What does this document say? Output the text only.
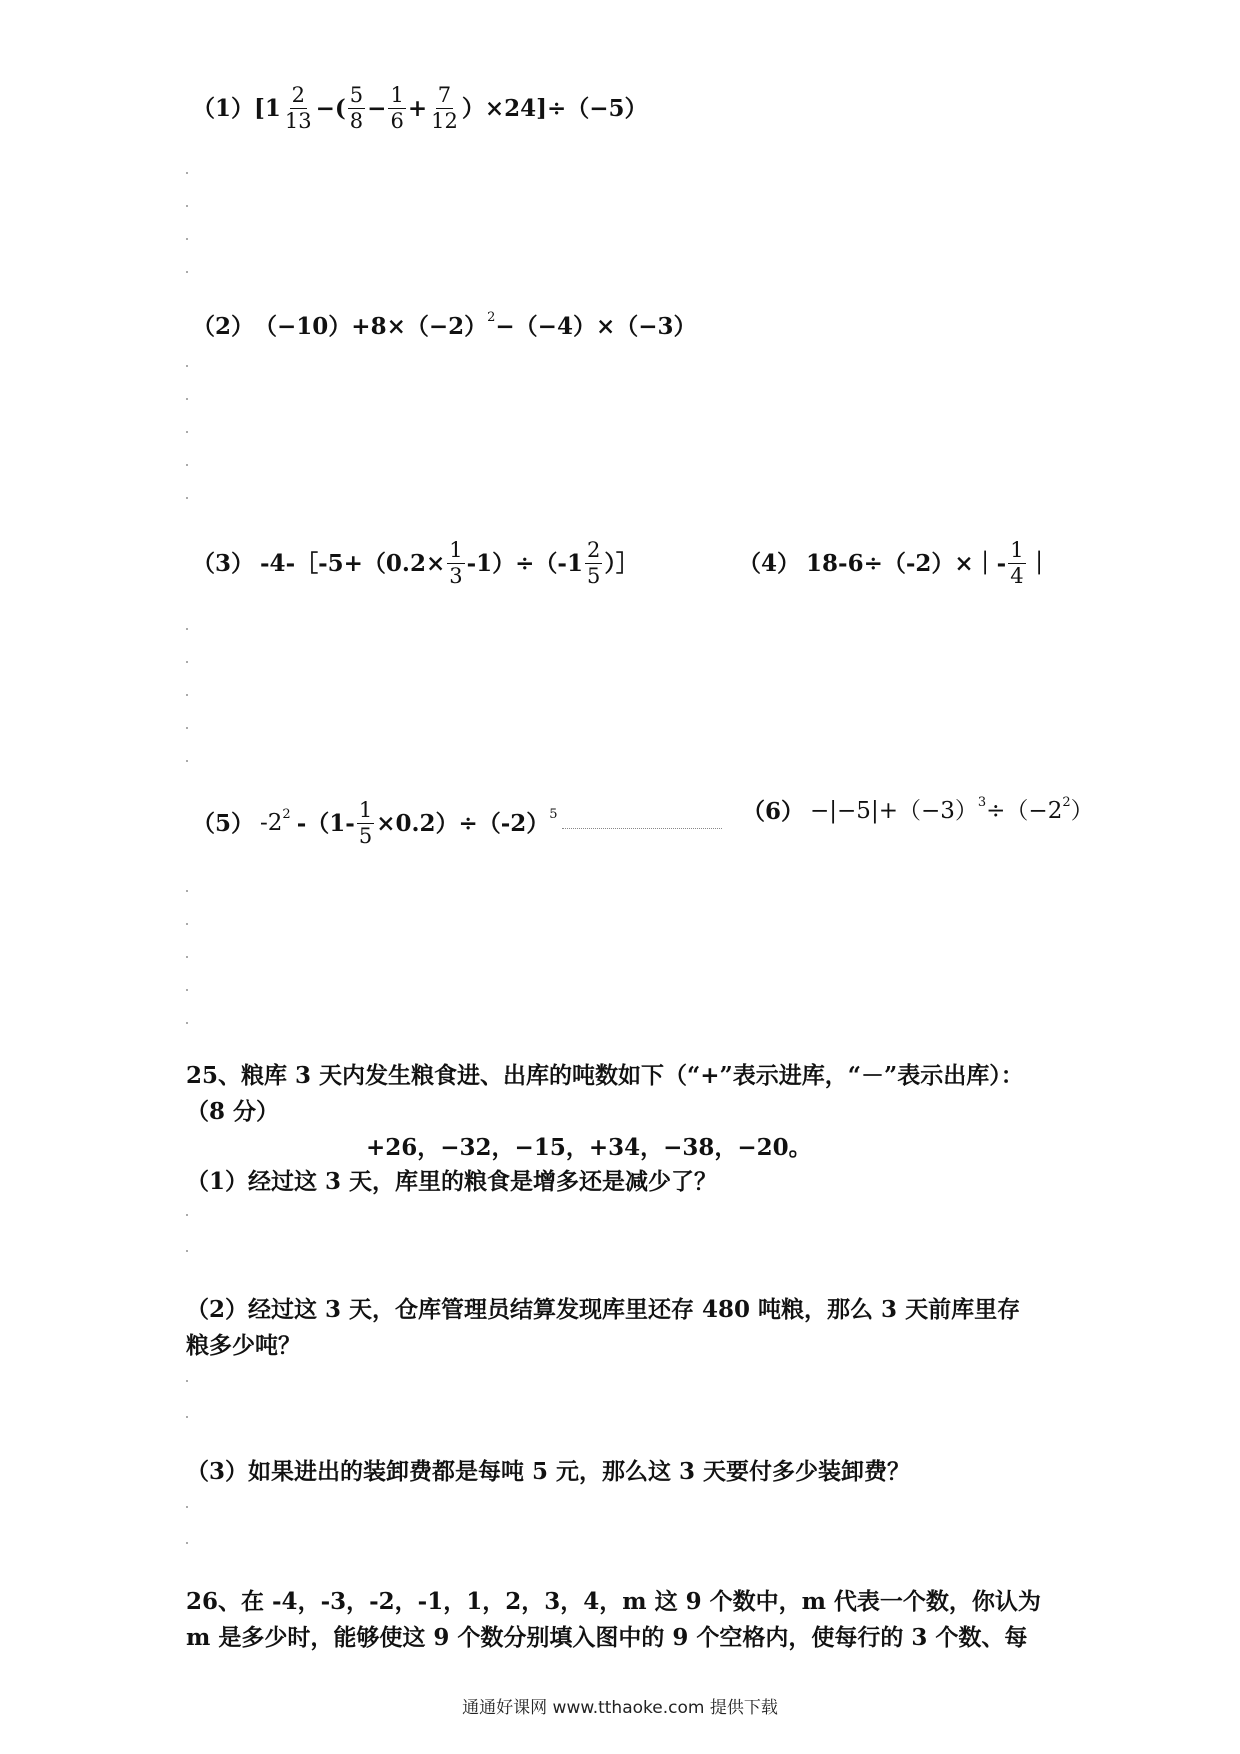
（1） [$1 \frac{2}{13}$ −( $\frac{5}{8} - \frac{1}{6} + \frac{7}{12} )\times 24]\div(-5)$
（2） （−10）+8×（−2） 2 −（−4）×（−3）
（3） -4-［-5+（0.2× $\frac{1}{3} -1)\div(-1 \frac{2}{5}$ ）］	（4） 18-6÷（-2）×｜- $\frac{1}{4}$ ｜
（5） -2 2 $-(1- \frac{1}{5} \times 0.2)\div(-2)$ 5	（6） −|−5|+（−3） 3 ÷（−2 2 ）
25、粮库 3 天内发生粮食进、出库的吨数如下（“+”表示进库，“－”表示出库）：
（8 分）
+26，−32，−15，+34，−38，−20。
（1）经过这 3 天，库里的粮食是增多还是减少了？
（2）经过这 3 天，仓库管理员结算发现库里还存 480 吨粮，那么 3 天前库里存
粮多少吨？
（3）如果进出的装卸费都是每吨 5 元，那么这 3 天要付多少装卸费？
26、在 -4，-3，-2，-1，1，2，3，4，m 这 9 个数中，m 代表一个数，你认为
m 是多少时，能够使这 9 个数分别填入图中的 9 个空格内，使每行的 3 个数、每
通通好课网 www.tthaoke.com 提供下载
